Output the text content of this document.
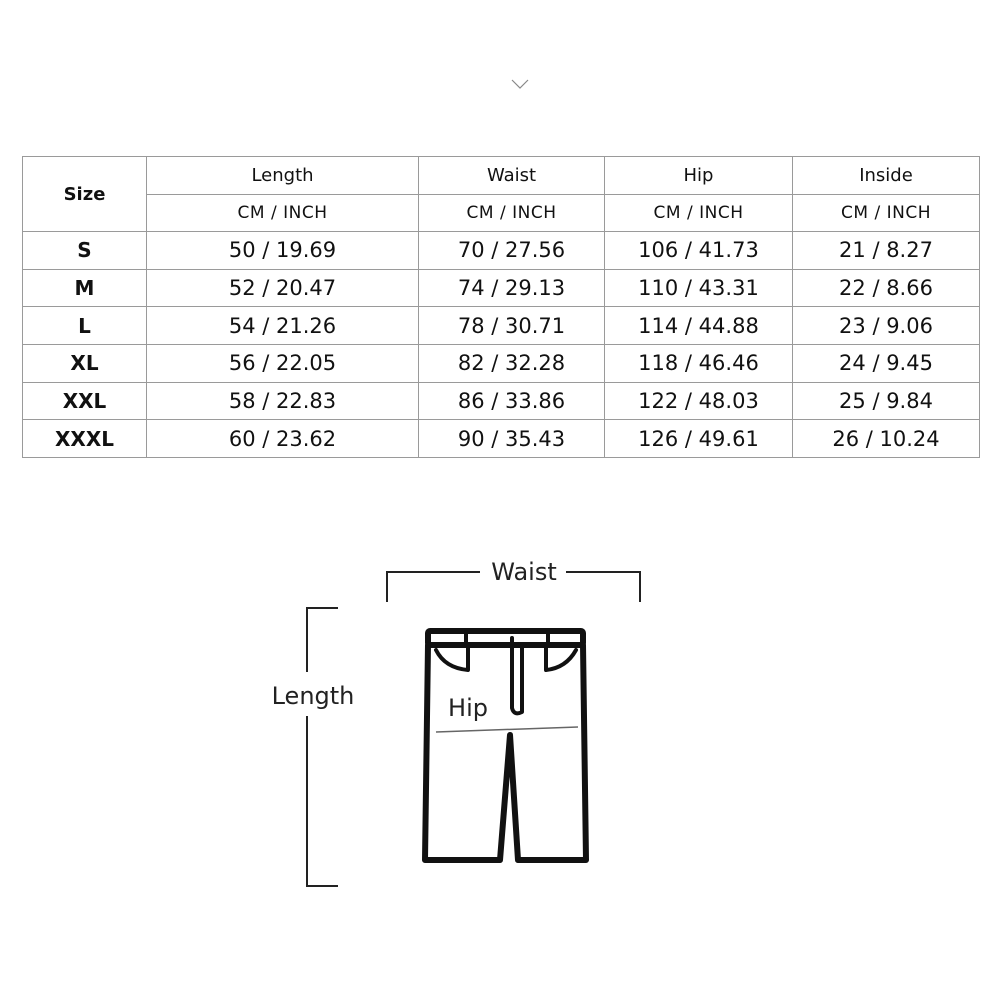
Size	Length	Waist	Hip	Inside
	CM / INCH	CM / INCH	CM / INCH	CM / INCH
S	50 / 19.69	70 / 27.56	106 / 41.73	21 / 8.27
M	52 / 20.47	74 / 29.13	110 / 43.31	22 / 8.66
L	54 / 21.26	78 / 30.71	114 / 44.88	23 / 9.06
XL	56 / 22.05	82 / 32.28	118 / 46.46	24 / 9.45
XXL	58 / 22.83	86 / 33.86	122 / 48.03	25 / 9.84
XXXL	60 / 23.62	90 / 35.43	126 / 49.61	26 / 10.24
Waist
Length	Hip
